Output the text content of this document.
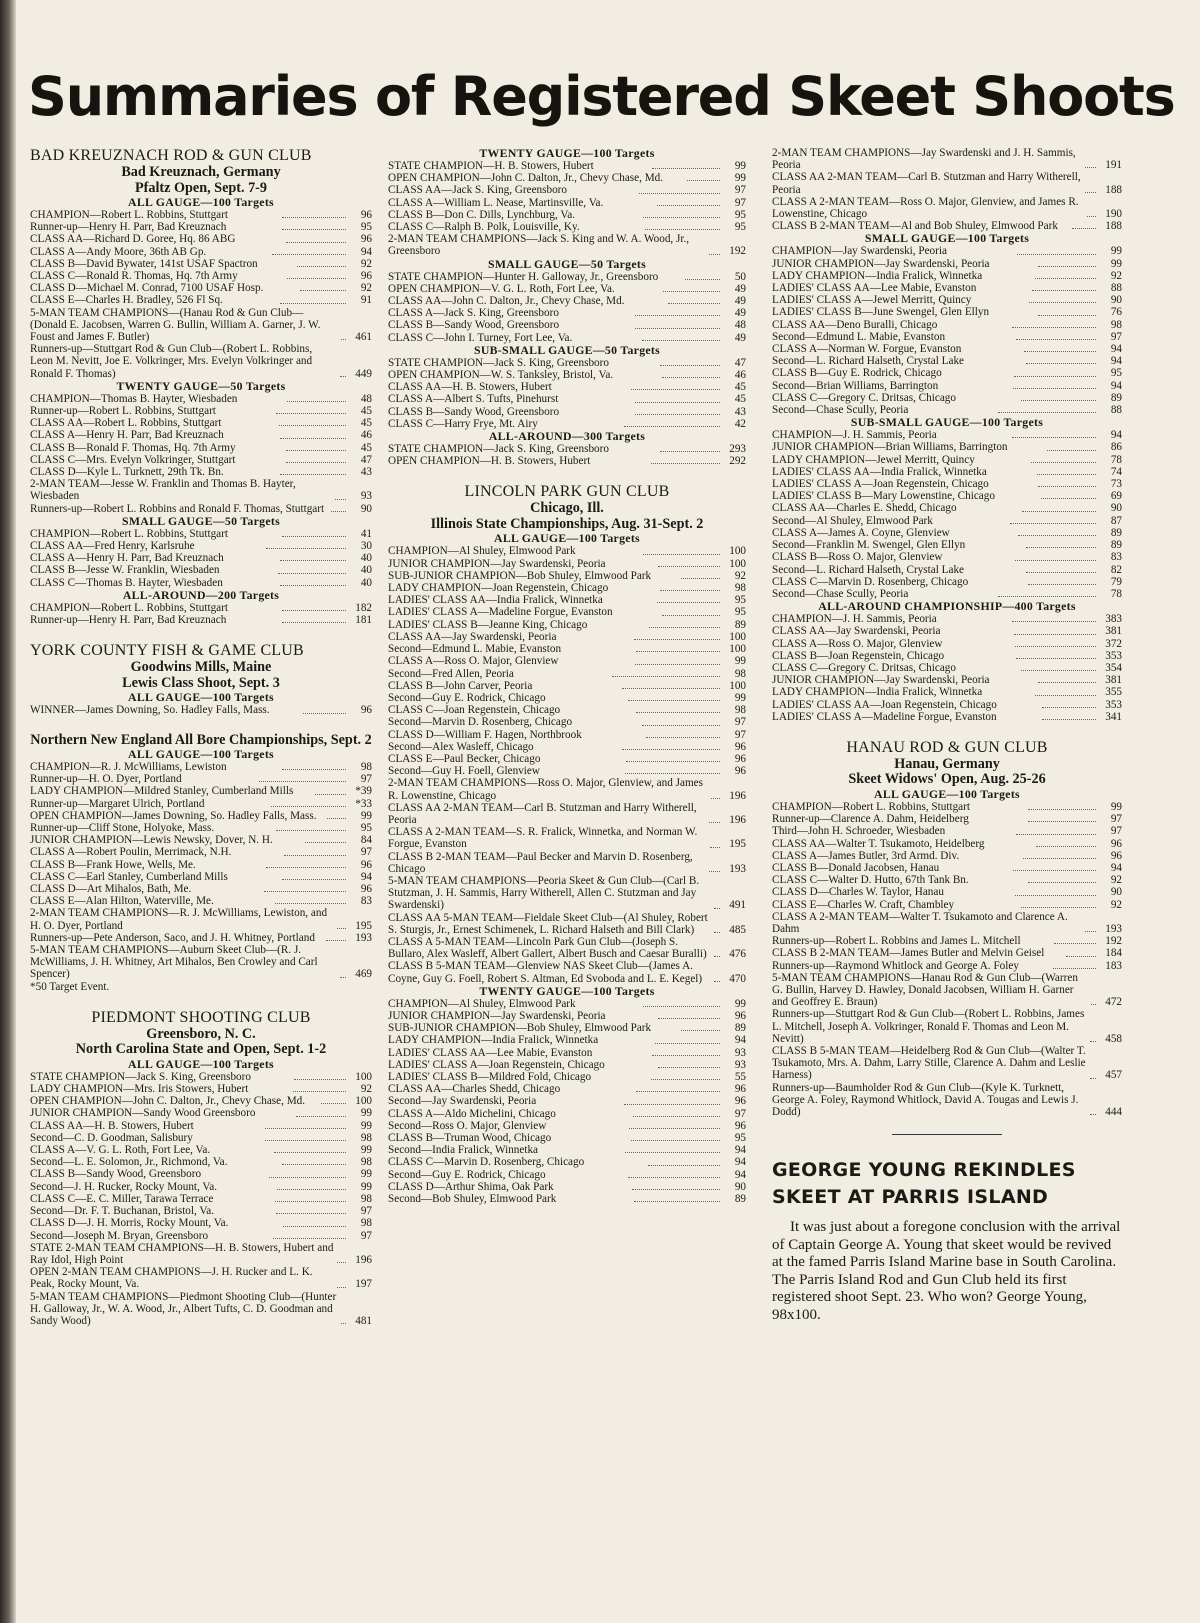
Summaries of Registered Skeet Shoots
BAD KREUZNACH ROD & GUN CLUB
Bad Kreuznach, Germany
Pfaltz Open, Sept. 7-9
ALL GAUGE—100 Targets
CHAMPION—Robert L. Robbins, Stuttgart	96
Runner-up—Henry H. Parr, Bad Kreuznach	95
CLASS AA—Richard D. Goree, Hq. 86 ABG	96
CLASS A—Andy Moore, 36th AB Gp.	94
CLASS B—David Bywater, 141st USAF Spactron	92
CLASS C—Ronald R. Thomas, Hq. 7th Army	96
CLASS D—Michael M. Conrad, 7100 USAF Hosp.	92
CLASS E—Charles H. Bradley, 526 Fl Sq.	91
5-MAN TEAM CHAMPIONS—(Hanau Rod & Gun Club—(Donald E. Jacobsen, Warren G. Bullin, William A. Garner, J. W. Foust and James F. Butler)	461
Runners-up—Stuttgart Rod & Gun Club—(Robert L. Robbins, Leon M. Nevitt, Joe E. Volkringer, Mrs. Evelyn Volkringer and Ronald F. Thomas)	449
TWENTY GAUGE—50 Targets
CHAMPION—Thomas B. Hayter, Wiesbaden	48
Runner-up—Robert L. Robbins, Stuttgart	45
CLASS AA—Robert L. Robbins, Stuttgart	45
CLASS A—Henry H. Parr, Bad Kreuznach	46
CLASS B—Ronald F. Thomas, Hq. 7th Army	45
CLASS C—Mrs. Evelyn Volkringer, Stuttgart	47
CLASS D—Kyle L. Turknett, 29th Tk. Bn.	43
2-MAN TEAM—Jesse W. Franklin and Thomas B. Hayter, Wiesbaden	93
Runners-up—Robert L. Robbins and Ronald F. Thomas, Stuttgart	90
SMALL GAUGE—50 Targets
CHAMPION—Robert L. Robbins, Stuttgart	41
CLASS AA—Fred Henry, Karlsruhe	30
CLASS A—Henry H. Parr, Bad Kreuznach	40
CLASS B—Jesse W. Franklin, Wiesbaden	40
CLASS C—Thomas B. Hayter, Wiesbaden	40
ALL-AROUND—200 Targets
CHAMPION—Robert L. Robbins, Stuttgart	182
Runner-up—Henry H. Parr, Bad Kreuznach	181
YORK COUNTY FISH & GAME CLUB
Goodwins Mills, Maine
Lewis Class Shoot, Sept. 3
ALL GAUGE—100 Targets
WINNER—James Downing, So. Hadley Falls, Mass.	96
Northern New England All Bore Championships, Sept. 2
ALL GAUGE—100 Targets
CHAMPION—R. J. McWilliams, Lewiston	98
Runner-up—H. O. Dyer, Portland	97
LADY CHAMPION—Mildred Stanley, Cumberland Mills	*39
Runner-up—Margaret Ulrich, Portland	*33
OPEN CHAMPION—James Downing, So. Hadley Falls, Mass.	99
Runner-up—Cliff Stone, Holyoke, Mass.	95
JUNIOR CHAMPION—Lewis Newsky, Dover, N. H.	84
CLASS A—Robert Poulin, Merrimack, N.H.	97
CLASS B—Frank Howe, Wells, Me.	96
CLASS C—Earl Stanley, Cumberland Mills	94
CLASS D—Art Mihalos, Bath, Me.	96
CLASS E—Alan Hilton, Waterville, Me.	83
2-MAN TEAM CHAMPIONS—R. J. McWilliams, Lewiston, and H. O. Dyer, Portland	195
Runners-up—Pete Anderson, Saco, and J. H. Whitney, Portland	193
5-MAN TEAM CHAMPIONS—Auburn Skeet Club—(R. J. McWilliams, J. H. Whitney, Art Mihalos, Ben Crowley and Carl Spencer)	469
*50 Target Event.
PIEDMONT SHOOTING CLUB
Greensboro, N. C.
North Carolina State and Open, Sept. 1-2
ALL GAUGE—100 Targets
STATE CHAMPION—Jack S. King, Greensboro	100
LADY CHAMPION—Mrs. Iris Stowers, Hubert	92
OPEN CHAMPION—John C. Dalton, Jr., Chevy Chase, Md.	100
JUNIOR CHAMPION—Sandy Wood Greensboro	99
CLASS AA—H. B. Stowers, Hubert	99
Second—C. D. Goodman, Salisbury	98
CLASS A—V. G. L. Roth, Fort Lee, Va.	99
Second—L. E. Solomon, Jr., Richmond, Va.	98
CLASS B—Sandy Wood, Greensboro	99
Second—J. H. Rucker, Rocky Mount, Va.	99
CLASS C—E. C. Miller, Tarawa Terrace	98
Second—Dr. F. T. Buchanan, Bristol, Va.	97
CLASS D—J. H. Morris, Rocky Mount, Va.	98
Second—Joseph M. Bryan, Greensboro	97
STATE 2-MAN TEAM CHAMPIONS—H. B. Stowers, Hubert and Ray Idol, High Point	196
OPEN 2-MAN TEAM CHAMPIONS—J. H. Rucker and L. K. Peak, Rocky Mount, Va.	197
5-MAN TEAM CHAMPIONS—Piedmont Shooting Club—(Hunter H. Galloway, Jr., W. A. Wood, Jr., Albert Tufts, C. D. Goodman and Sandy Wood)	481
TWENTY GAUGE—100 Targets
STATE CHAMPION—H. B. Stowers, Hubert	99
OPEN CHAMPION—John C. Dalton, Jr., Chevy Chase, Md.	99
CLASS AA—Jack S. King, Greensboro	97
CLASS A—William L. Nease, Martinsville, Va.	97
CLASS B—Don C. Dills, Lynchburg, Va.	95
CLASS C—Ralph B. Polk, Louisville, Ky.	95
2-MAN TEAM CHAMPIONS—Jack S. King and W. A. Wood, Jr., Greensboro	192
SMALL GAUGE—50 Targets
STATE CHAMPION—Hunter H. Galloway, Jr., Greensboro	50
OPEN CHAMPION—V. G. L. Roth, Fort Lee, Va.	49
CLASS AA—John C. Dalton, Jr., Chevy Chase, Md.	49
CLASS A—Jack S. King, Greensboro	49
CLASS B—Sandy Wood, Greensboro	48
CLASS C—John I. Turney, Fort Lee, Va.	49
SUB-SMALL GAUGE—50 Targets
STATE CHAMPION—Jack S. King, Greensboro	47
OPEN CHAMPION—W. S. Tanksley, Bristol, Va.	46
CLASS AA—H. B. Stowers, Hubert	45
CLASS A—Albert S. Tufts, Pinehurst	45
CLASS B—Sandy Wood, Greensboro	43
CLASS C—Harry Frye, Mt. Airy	42
ALL-AROUND—300 Targets
STATE CHAMPION—Jack S. King, Greensboro	293
OPEN CHAMPION—H. B. Stowers, Hubert	292
LINCOLN PARK GUN CLUB
Chicago, Ill.
Illinois State Championships, Aug. 31-Sept. 2
ALL GAUGE—100 Targets
CHAMPION—Al Shuley, Elmwood Park	100
JUNIOR CHAMPION—Jay Swardenski, Peoria	100
SUB-JUNIOR CHAMPION—Bob Shuley, Elmwood Park	92
LADY CHAMPION—Joan Regenstein, Chicago	98
LADIES' CLASS AA—India Fralick, Winnetka	95
LADIES' CLASS A—Madeline Forgue, Evanston	95
LADIES' CLASS B—Jeanne King, Chicago	89
CLASS AA—Jay Swardenski, Peoria	100
Second—Edmund L. Mabie, Evanston	100
CLASS A—Ross O. Major, Glenview	99
Second—Fred Allen, Peoria	98
CLASS B—John Carver, Peoria	100
Second—Guy E. Rodrick, Chicago	99
CLASS C—Joan Regenstein, Chicago	98
Second—Marvin D. Rosenberg, Chicago	97
CLASS D—William F. Hagen, Northbrook	97
Second—Alex Wasleff, Chicago	96
CLASS E—Paul Becker, Chicago	96
Second—Guy H. Foell, Glenview	96
2-MAN TEAM CHAMPIONS—Ross O. Major, Glenview, and James R. Lowenstine, Chicago	196
CLASS AA 2-MAN TEAM—Carl B. Stutzman and Harry Witherell, Peoria	196
CLASS A 2-MAN TEAM—S. R. Fralick, Winnetka, and Norman W. Forgue, Evanston	195
CLASS B 2-MAN TEAM—Paul Becker and Marvin D. Rosenberg, Chicago	193
5-MAN TEAM CHAMPIONS—Peoria Skeet & Gun Club—(Carl B. Stutzman, J. H. Sammis, Harry Witherell, Allen C. Stutzman and Jay Swardenski)	491
CLASS AA 5-MAN TEAM—Fieldale Skeet Club—(Al Shuley, Robert S. Sturgis, Jr., Ernest Schimenek, L. Richard Halseth and Bill Clark)	485
CLASS A 5-MAN TEAM—Lincoln Park Gun Club—(Joseph S. Bullaro, Alex Wasleff, Albert Gallert, Albert Busch and Caesar Buralli)	476
CLASS B 5-MAN TEAM—Glenview NAS Skeet Club—(James A. Coyne, Guy G. Foell, Robert S. Altman, Ed Svoboda and L. E. Kegel)	470
TWENTY GAUGE—100 Targets
CHAMPION—Al Shuley, Elmwood Park	99
JUNIOR CHAMPION—Jay Swardenski, Peoria	96
SUB-JUNIOR CHAMPION—Bob Shuley, Elmwood Park	89
LADY CHAMPION—India Fralick, Winnetka	94
LADIES' CLASS AA—Lee Mabie, Evanston	93
LADIES' CLASS A—Joan Regenstein, Chicago	93
LADIES' CLASS B—Mildred Fold, Chicago	55
CLASS AA—Charles Shedd, Chicago	96
Second—Jay Swardenski, Peoria	96
CLASS A—Aldo Michelini, Chicago	97
Second—Ross O. Major, Glenview	96
CLASS B—Truman Wood, Chicago	95
Second—India Fralick, Winnetka	94
CLASS C—Marvin D. Rosenberg, Chicago	94
Second—Guy E. Rodrick, Chicago	94
CLASS D—Arthur Shima, Oak Park	90
Second—Bob Shuley, Elmwood Park	89
2-MAN TEAM CHAMPIONS—Jay Swardenski and J. H. Sammis, Peoria	191
CLASS AA 2-MAN TEAM—Carl B. Stutzman and Harry Witherell, Peoria	188
CLASS A 2-MAN TEAM—Ross O. Major, Glenview, and James R. Lowenstine, Chicago	190
CLASS B 2-MAN TEAM—Al and Bob Shuley, Elmwood Park	188
SMALL GAUGE—100 Targets
CHAMPION—Jay Swardenski, Peoria	99
JUNIOR CHAMPION—Jay Swardenski, Peoria	99
LADY CHAMPION—India Fralick, Winnetka	92
LADIES' CLASS AA—Lee Mabie, Evanston	88
LADIES' CLASS A—Jewel Merritt, Quincy	90
LADIES' CLASS B—June Swengel, Glen Ellyn	76
CLASS AA—Deno Buralli, Chicago	98
Second—Edmund L. Mabie, Evanston	97
CLASS A—Norman W. Forgue, Evanston	94
Second—L. Richard Halseth, Crystal Lake	94
CLASS B—Guy E. Rodrick, Chicago	95
Second—Brian Williams, Barrington	94
CLASS C—Gregory C. Dritsas, Chicago	89
Second—Chase Scully, Peoria	88
SUB-SMALL GAUGE—100 Targets
CHAMPION—J. H. Sammis, Peoria	94
JUNIOR CHAMPION—Brian Williams, Barrington	86
LADY CHAMPION—Jewel Merritt, Quincy	78
LADIES' CLASS AA—India Fralick, Winnetka	74
LADIES' CLASS A—Joan Regenstein, Chicago	73
LADIES' CLASS B—Mary Lowenstine, Chicago	69
CLASS AA—Charles E. Shedd, Chicago	90
Second—Al Shuley, Elmwood Park	87
CLASS A—James A. Coyne, Glenview	89
Second—Franklin M. Swengel, Glen Ellyn	89
CLASS B—Ross O. Major, Glenview	83
Second—L. Richard Halseth, Crystal Lake	82
CLASS C—Marvin D. Rosenberg, Chicago	79
Second—Chase Scully, Peoria	78
ALL-AROUND CHAMPIONSHIP—400 Targets
CHAMPION—J. H. Sammis, Peoria	383
CLASS AA—Jay Swardenski, Peoria	381
CLASS A—Ross O. Major, Glenview	372
CLASS B—Joan Regenstein, Chicago	353
CLASS C—Gregory C. Dritsas, Chicago	354
JUNIOR CHAMPION—Jay Swardenski, Peoria	381
LADY CHAMPION—India Fralick, Winnetka	355
LADIES' CLASS AA—Joan Regenstein, Chicago	353
LADIES' CLASS A—Madeline Forgue, Evanston	341
HANAU ROD & GUN CLUB
Hanau, Germany
Skeet Widows' Open, Aug. 25-26
ALL GAUGE—100 Targets
CHAMPION—Robert L. Robbins, Stuttgart	99
Runner-up—Clarence A. Dahm, Heidelberg	97
Third—John H. Schroeder, Wiesbaden	97
CLASS AA—Walter T. Tsukamoto, Heidelberg	96
CLASS A—James Butler, 3rd Armd. Div.	96
CLASS B—Donald Jacobsen, Hanau	94
CLASS C—Walter D. Hutto, 67th Tank Bn.	92
CLASS D—Charles W. Taylor, Hanau	90
CLASS E—Charles W. Craft, Chambley	92
CLASS A 2-MAN TEAM—Walter T. Tsukamoto and Clarence A. Dahm	193
Runners-up—Robert L. Robbins and James L. Mitchell	192
CLASS B 2-MAN TEAM—James Butler and Melvin Geisel	184
Runners-up—Raymond Whitlock and George A. Foley	183
5-MAN TEAM CHAMPIONS—Hanau Rod & Gun Club—(Warren G. Bullin, Harvey D. Hawley, Donald Jacobsen, William H. Garner and Geoffrey E. Braun)	472
Runners-up—Stuttgart Rod & Gun Club—(Robert L. Robbins, James L. Mitchell, Joseph A. Volkringer, Ronald F. Thomas and Leon M. Nevitt)	458
CLASS B 5-MAN TEAM—Heidelberg Rod & Gun Club—(Walter T. Tsukamoto, Mrs. A. Dahm, Larry Stille, Clarence A. Dahm and Leslie Harness)	457
Runners-up—Baumholder Rod & Gun Club—(Kyle K. Turknett, George A. Foley, Raymond Whitlock, David A. Tougas and Lewis J. Dodd)	444
GEORGE YOUNG REKINDLES SKEET AT PARRIS ISLAND

It was just about a foregone conclusion with the arrival of Captain George A. Young that skeet would be revived at the famed Parris Island Marine base in South Carolina. The Parris Island Rod and Gun Club held its first registered shoot Sept. 23. Who won? George Young, 98x100.
